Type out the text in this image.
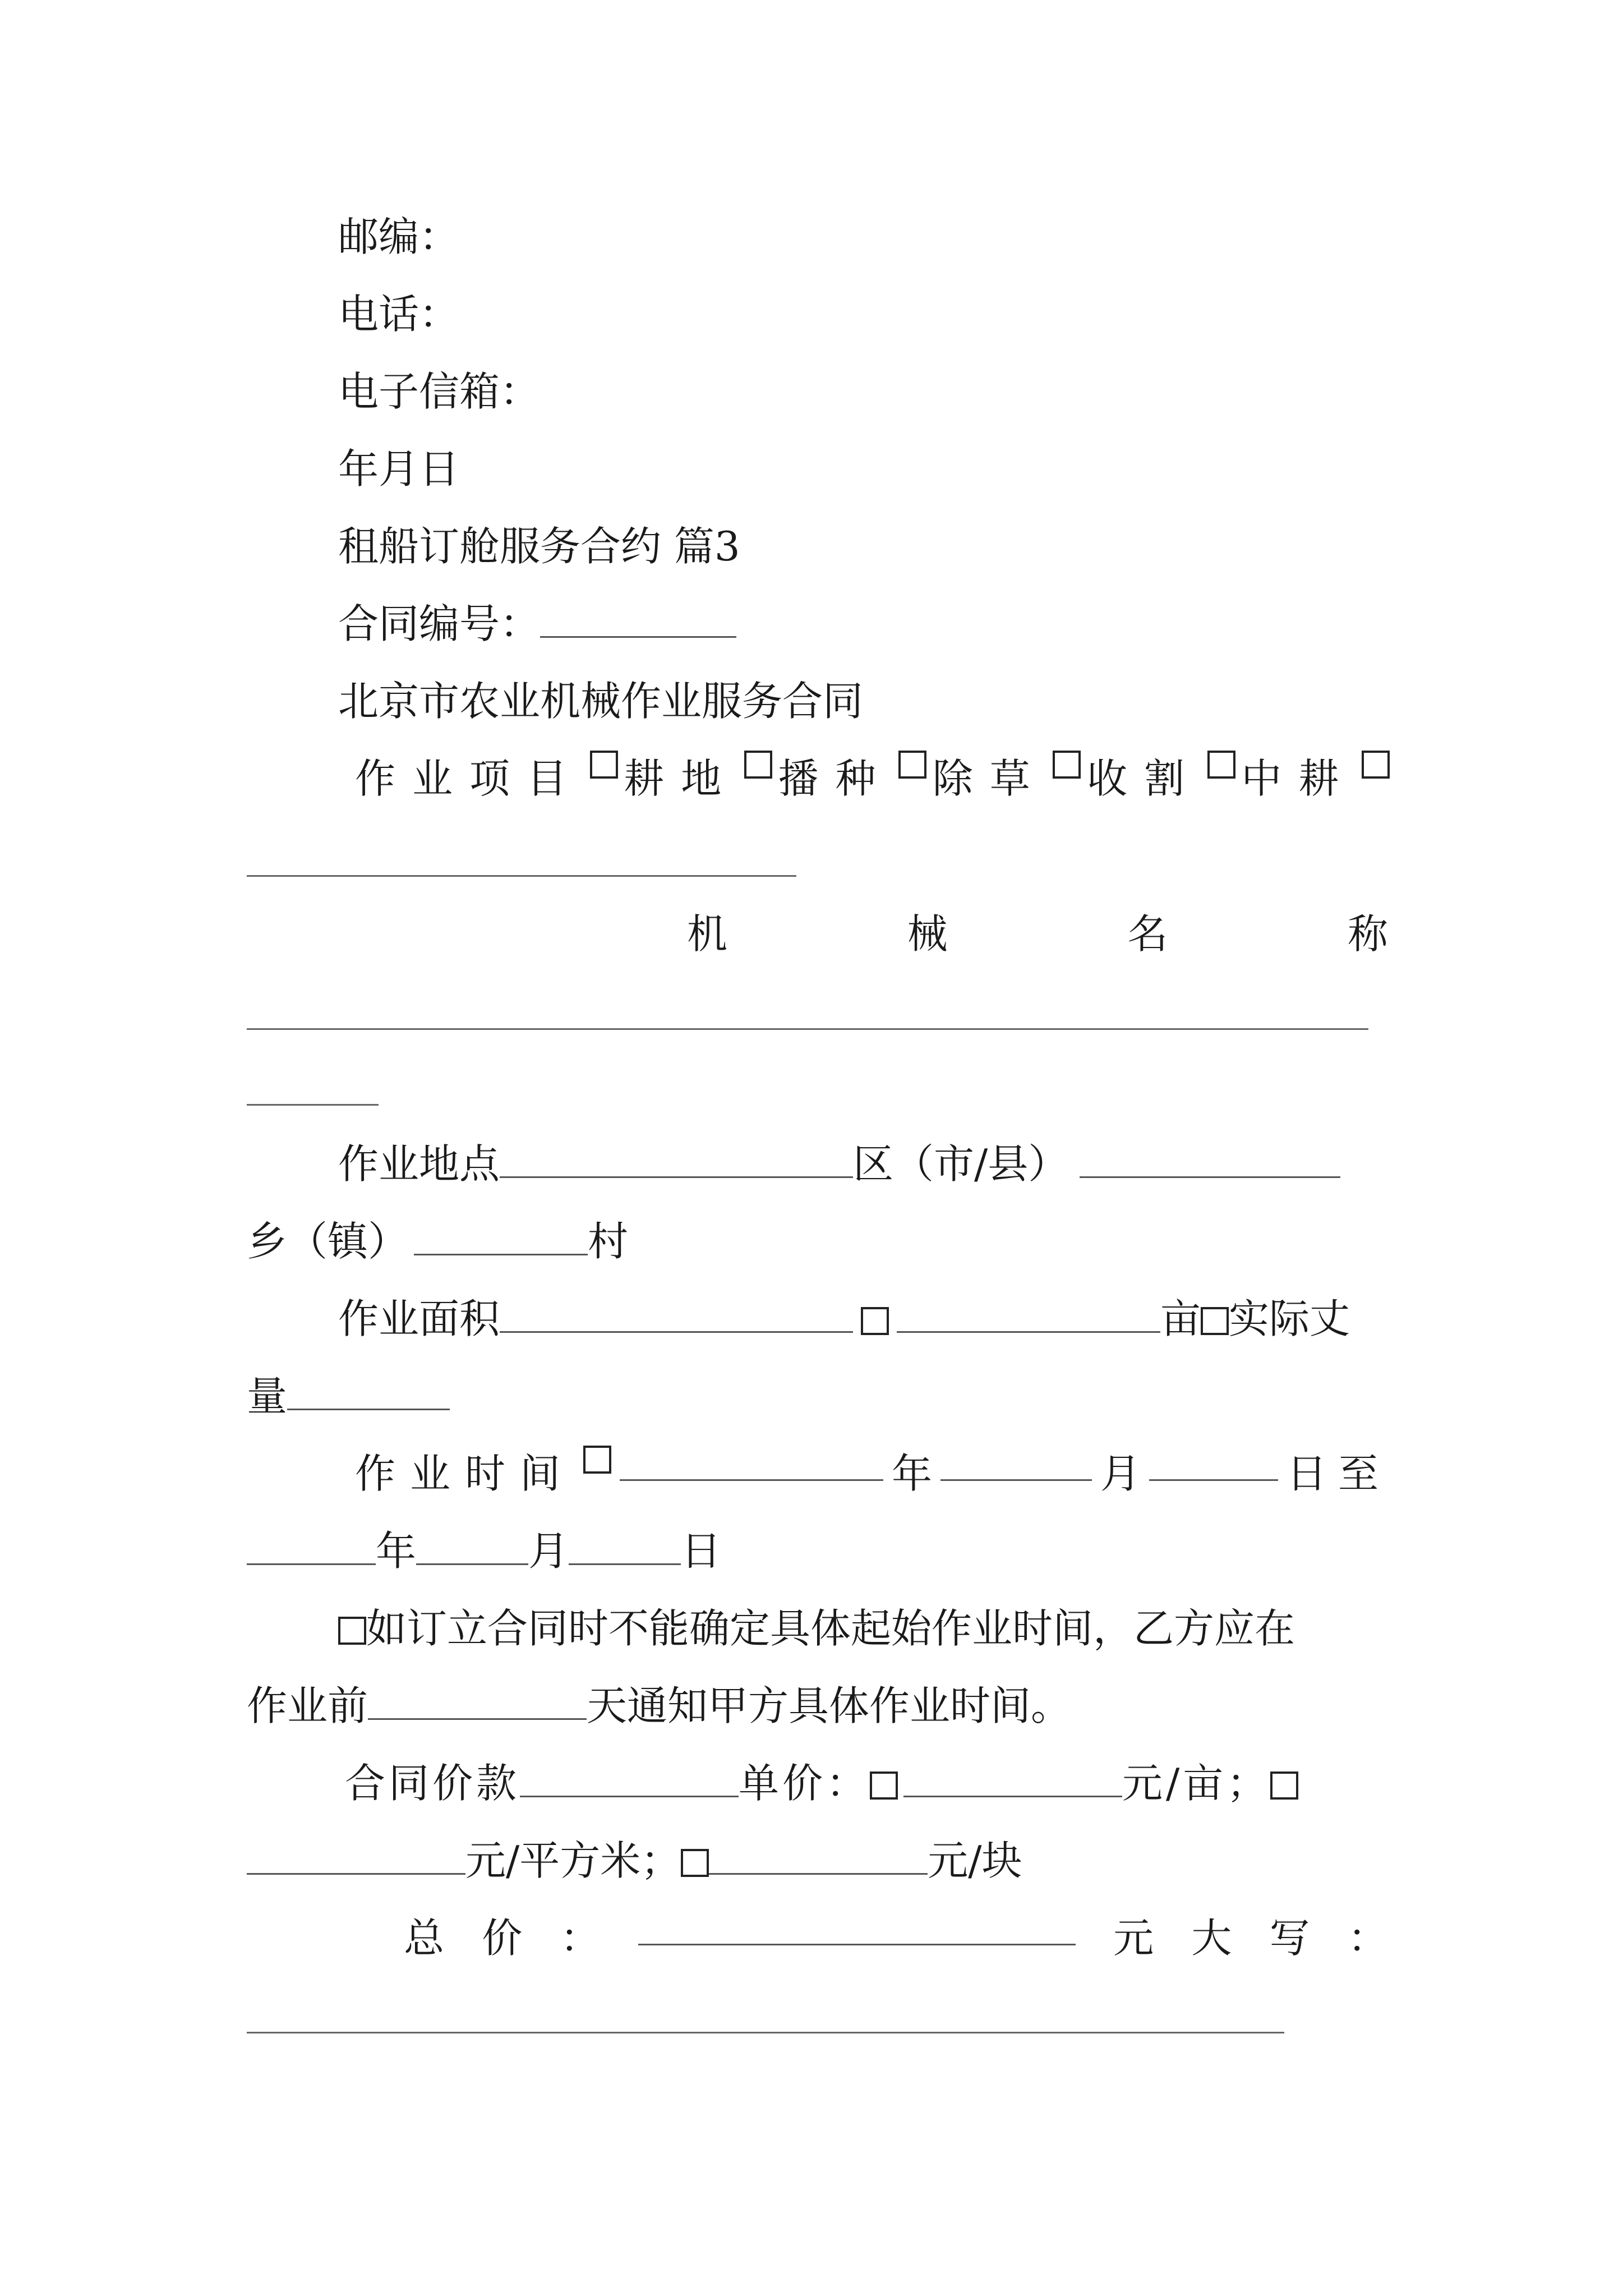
邮编：
电话：
电子信箱：
年月日
租船订舱服务合约 篇3
合同编号：
北京市农业机械作业服务合同
作业项目 耕地 播种 除草 收割 中耕
机	械	名	称
作业地点	区（市/县）
乡（镇）	村
作业面积	亩 实际丈
量
作业时间	年	月	日至
年	月	日
如订立合同时不能确定具体起始作业时间，乙方应在
作业前	天通知甲方具体作业时间。
合同价款	单价：	元/亩；
元/平方米；	元/块
总 价 ：	元 大 写 ：
